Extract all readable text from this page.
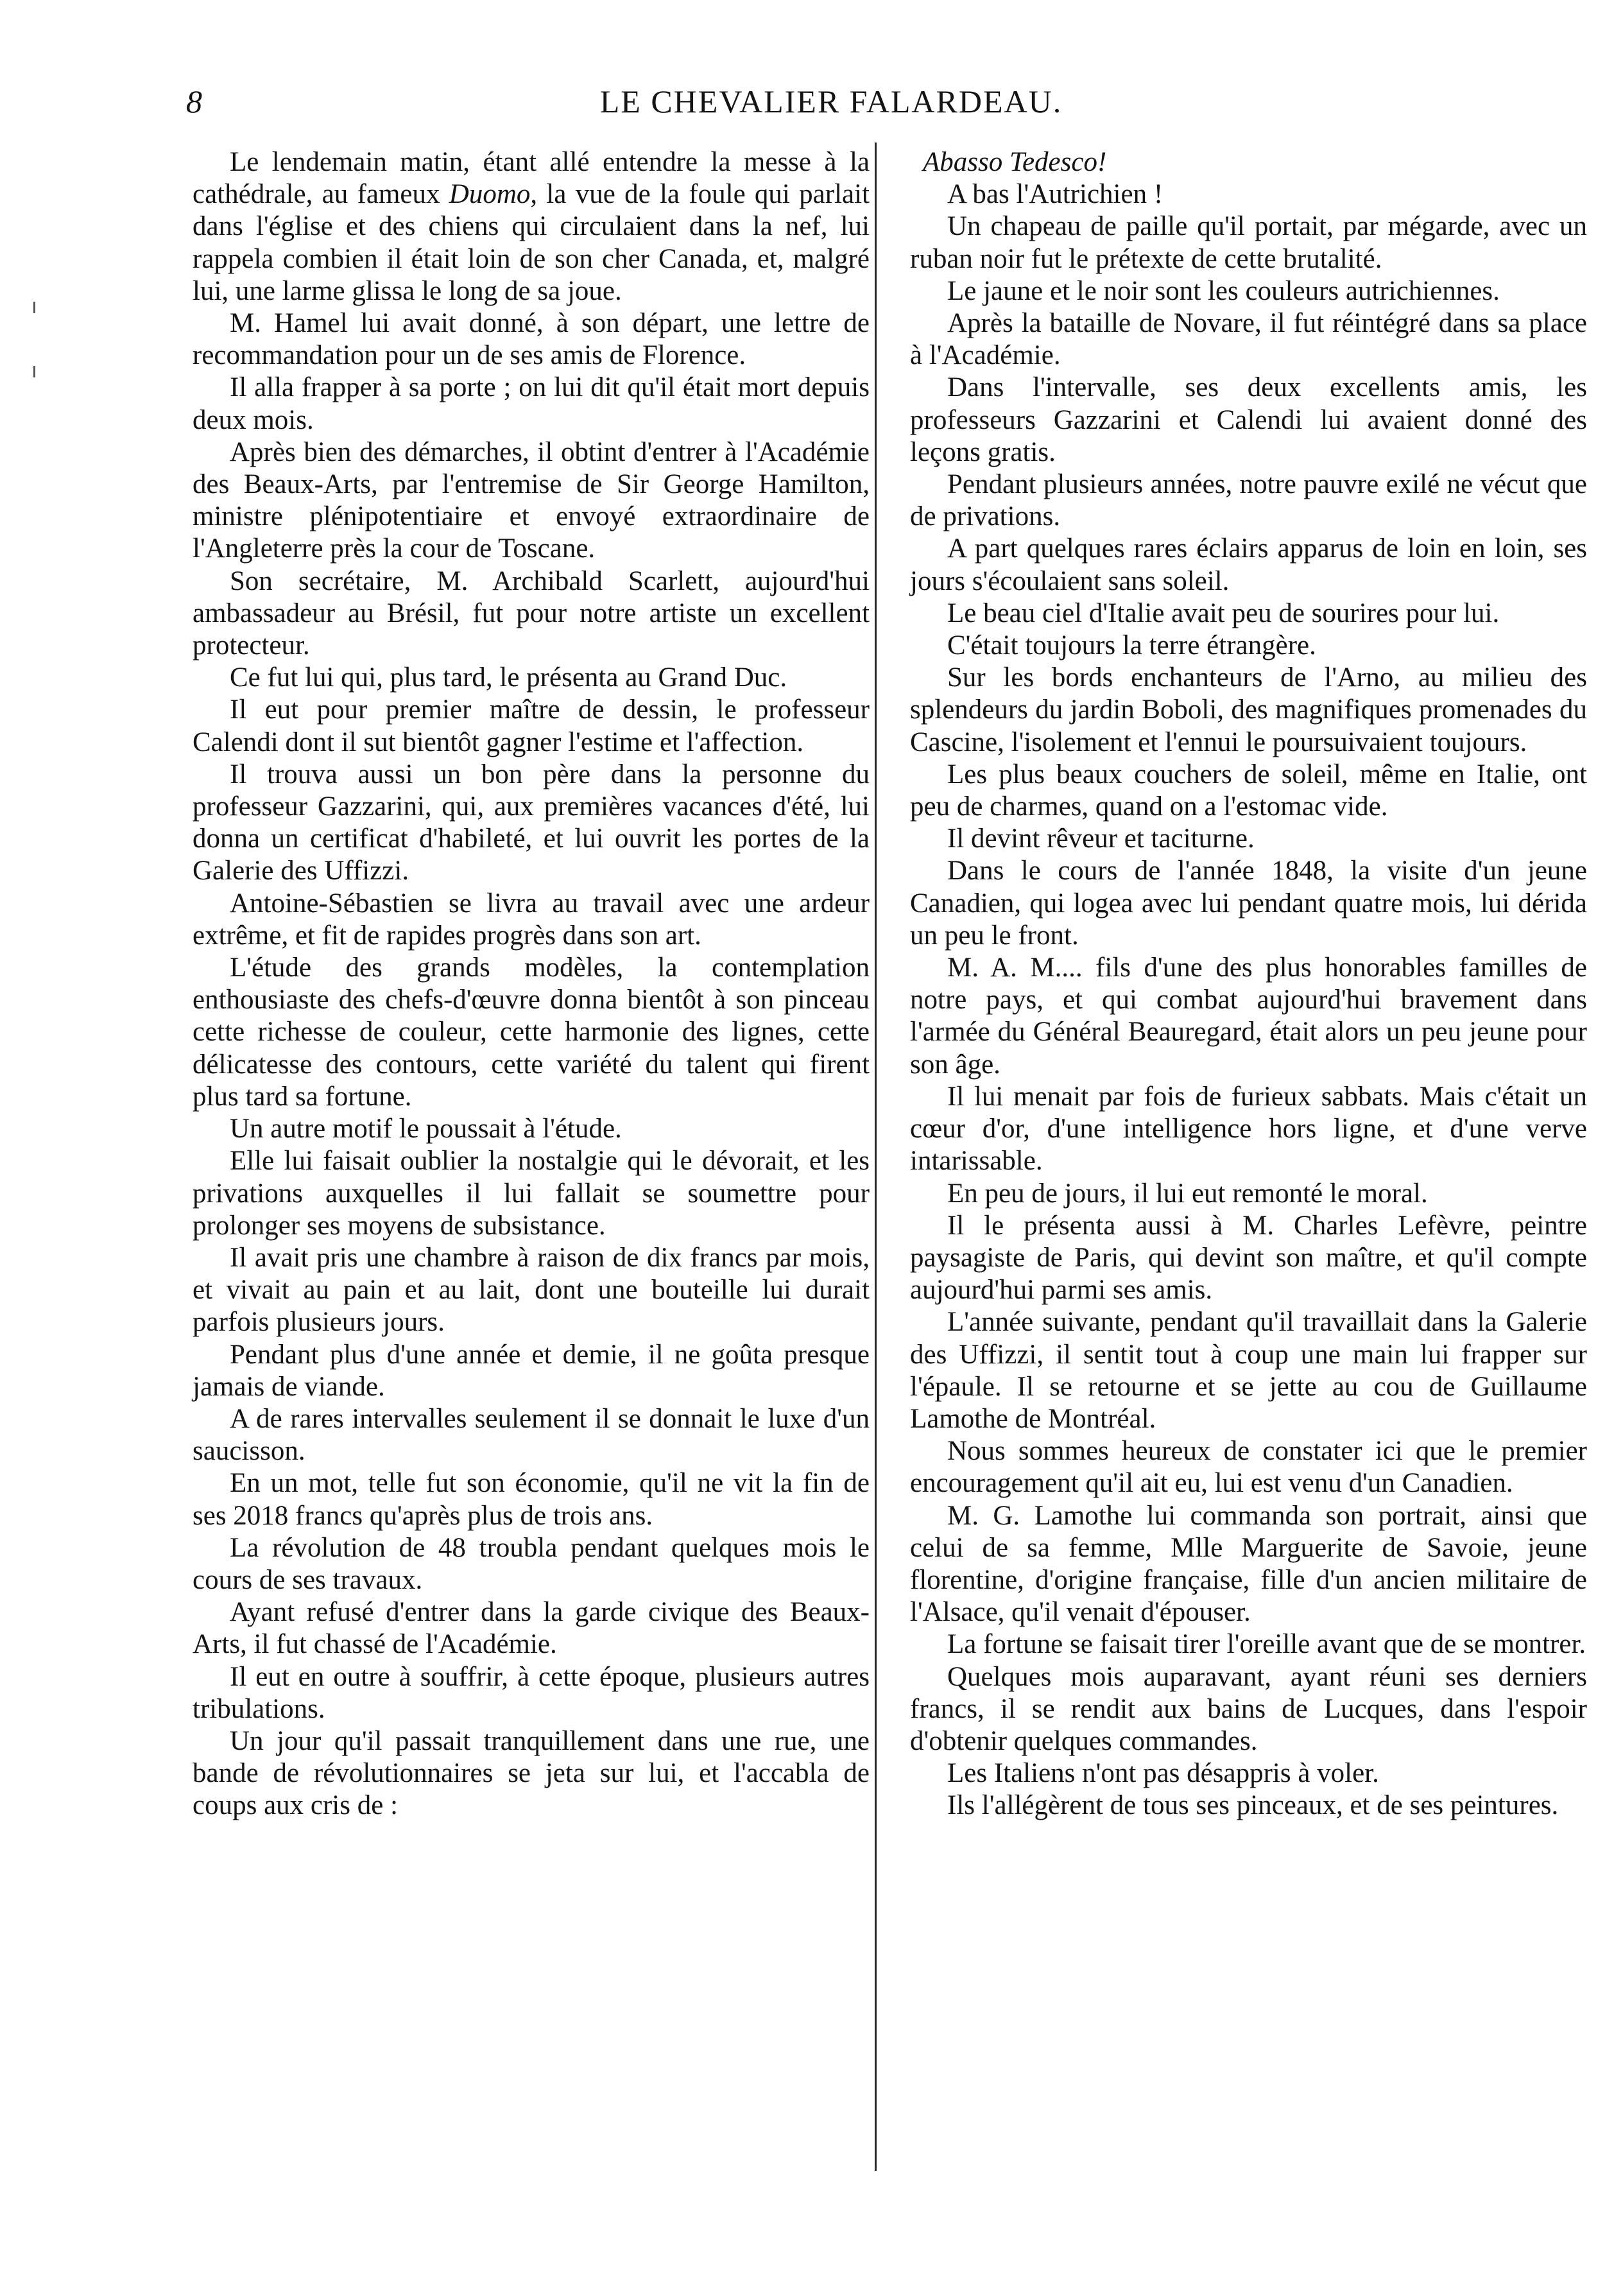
8	LE CHEVALIER FALARDEAU.

Le lendemain matin, étant allé entendre la messe à la cathédrale, au fameux Duomo, la vue de la foule qui parlait dans l'église et des chiens qui circulaient dans la nef, lui rappela combien il était loin de son cher Canada, et, malgré lui, une larme glissa le long de sa joue.

M. Hamel lui avait donné, à son départ, une lettre de recommandation pour un de ses amis de Florence.

Il alla frapper à sa porte ; on lui dit qu'il était mort depuis deux mois.

Après bien des démarches, il obtint d'entrer à l'Académie des Beaux-Arts, par l'entremise de Sir George Hamilton, ministre plénipotentiaire et envoyé extraordinaire de l'Angleterre près la cour de Toscane.

Son secrétaire, M. Archibald Scarlett, aujourd'hui ambassadeur au Brésil, fut pour notre artiste un excellent protecteur.

Ce fut lui qui, plus tard, le présenta au Grand Duc.

Il eut pour premier maître de dessin, le professeur Calendi dont il sut bientôt gagner l'estime et l'affection.

Il trouva aussi un bon père dans la personne du professeur Gazzarini, qui, aux premières vacances d'été, lui donna un certificat d'habileté, et lui ouvrit les portes de la Galerie des Uffizzi.

Antoine-Sébastien se livra au travail avec une ardeur extrême, et fit de rapides progrès dans son art.

L'étude des grands modèles, la contemplation enthousiaste des chefs-d'œuvre donna bientôt à son pinceau cette richesse de couleur, cette harmonie des lignes, cette délicatesse des contours, cette variété du talent qui firent plus tard sa fortune.

Un autre motif le poussait à l'étude.

Elle lui faisait oublier la nostalgie qui le dévorait, et les privations auxquelles il lui fallait se soumettre pour prolonger ses moyens de subsistance.

Il avait pris une chambre à raison de dix francs par mois, et vivait au pain et au lait, dont une bouteille lui durait parfois plusieurs jours.

Pendant plus d'une année et demie, il ne goûta presque jamais de viande.

A de rares intervalles seulement il se donnait le luxe d'un saucisson.

En un mot, telle fut son économie, qu'il ne vit la fin de ses 2018 francs qu'après plus de trois ans.

La révolution de 48 troubla pendant quelques mois le cours de ses travaux.

Ayant refusé d'entrer dans la garde civique des Beaux-Arts, il fut chassé de l'Académie.

Il eut en outre à souffrir, à cette époque, plusieurs autres tribulations.

Un jour qu'il passait tranquillement dans une rue, une bande de révolutionnaires se jeta sur lui, et l'accabla de coups aux cris de :

Abasso Tedesco!

A bas l'Autrichien !

Un chapeau de paille qu'il portait, par mégarde, avec un ruban noir fut le prétexte de cette brutalité.

Le jaune et le noir sont les couleurs autrichiennes.

Après la bataille de Novare, il fut réintégré dans sa place à l'Académie.

Dans l'intervalle, ses deux excellents amis, les professeurs Gazzarini et Calendi lui avaient donné des leçons gratis.

Pendant plusieurs années, notre pauvre exilé ne vécut que de privations.

A part quelques rares éclairs apparus de loin en loin, ses jours s'écoulaient sans soleil.

Le beau ciel d'Italie avait peu de sourires pour lui.

C'était toujours la terre étrangère.

Sur les bords enchanteurs de l'Arno, au milieu des splendeurs du jardin Boboli, des magnifiques promenades du Cascine, l'isolement et l'ennui le poursuivaient toujours.

Les plus beaux couchers de soleil, même en Italie, ont peu de charmes, quand on a l'estomac vide.

Il devint rêveur et taciturne.

Dans le cours de l'année 1848, la visite d'un jeune Canadien, qui logea avec lui pendant quatre mois, lui dérida un peu le front.

M. A. M.... fils d'une des plus honorables familles de notre pays, et qui combat aujourd'hui bravement dans l'armée du Général Beauregard, était alors un peu jeune pour son âge.

Il lui menait par fois de furieux sabbats. Mais c'était un cœur d'or, d'une intelligence hors ligne, et d'une verve intarissable.

En peu de jours, il lui eut remonté le moral.

Il le présenta aussi à M. Charles Lefèvre, peintre paysagiste de Paris, qui devint son maître, et qu'il compte aujourd'hui parmi ses amis.

L'année suivante, pendant qu'il travaillait dans la Galerie des Uffizzi, il sentit tout à coup une main lui frapper sur l'épaule. Il se retourne et se jette au cou de Guillaume Lamothe de Montréal.

Nous sommes heureux de constater ici que le premier encouragement qu'il ait eu, lui est venu d'un Canadien.

M. G. Lamothe lui commanda son portrait, ainsi que celui de sa femme, Mlle Marguerite de Savoie, jeune florentine, d'origine française, fille d'un ancien militaire de l'Alsace, qu'il venait d'épouser.

La fortune se faisait tirer l'oreille avant que de se montrer.

Quelques mois auparavant, ayant réuni ses derniers francs, il se rendit aux bains de Lucques, dans l'espoir d'obtenir quelques commandes.

Les Italiens n'ont pas désappris à voler.

Ils l'allégèrent de tous ses pinceaux, et de ses peintures.
